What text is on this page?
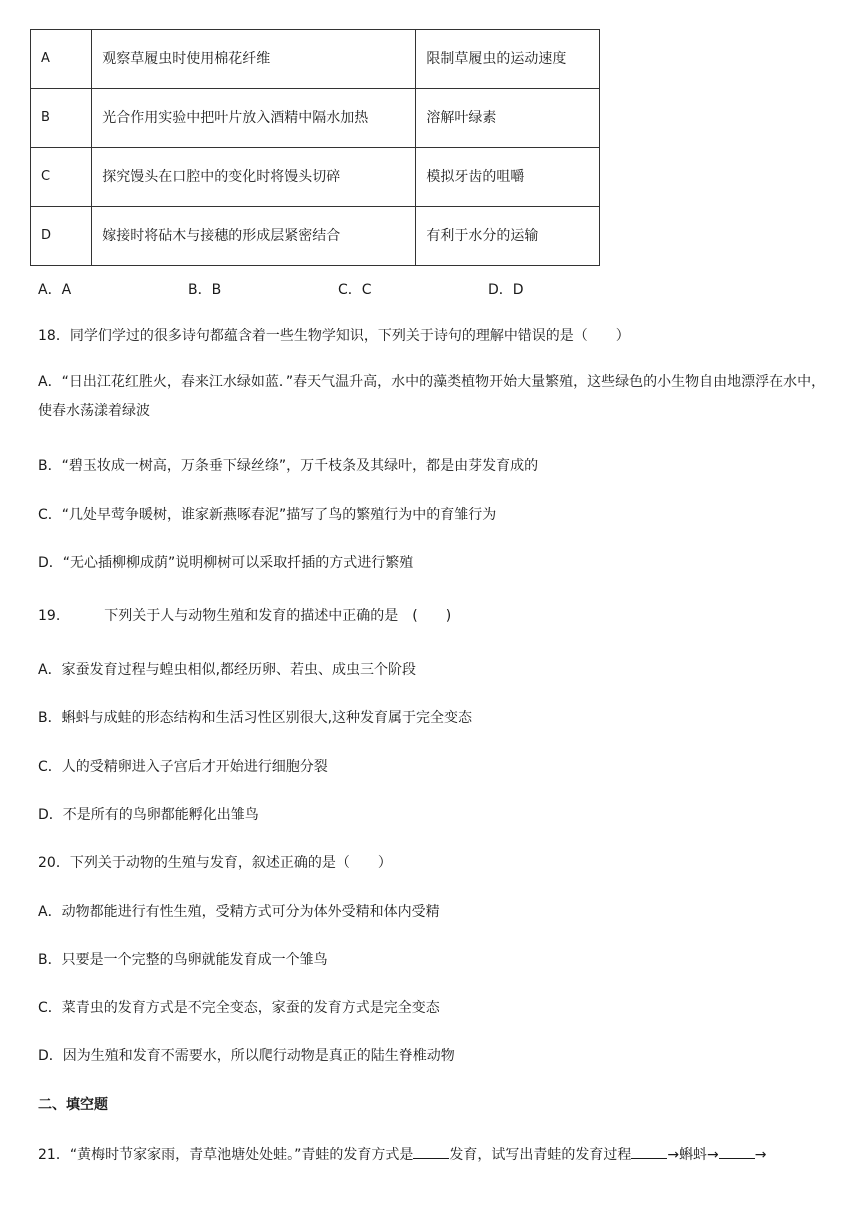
A	观察草履虫时使用棉花纤维	限制草履虫的运动速度
B	光合作用实验中把叶片放入酒精中隔水加热	溶解叶绿素
C	探究馒头在口腔中的变化时将馒头切碎	模拟牙齿的咀嚼
D	嫁接时将砧木与接穗的形成层紧密结合	有利于水分的运输
A．A	B．B	C．C	D．D
18．同学们学过的很多诗句都蕴含着一些生物学知识，下列关于诗句的理解中错误的是（　　）
A．“日出江花红胜火，春来江水绿如蓝．”春天气温升高，水中的藻类植物开始大量繁殖，这些绿色的小生物自由地漂浮在水中，使春水荡漾着绿波
B．“碧玉妆成一树高，万条垂下绿丝绦”，万千枝条及其绿叶，都是由芽发育成的
C．“几处早莺争暖树，谁家新燕啄春泥”描写了鸟的繁殖行为中的育雏行为
D．“无心插柳柳成荫”说明柳树可以采取扦插的方式进行繁殖
19.	下列关于人与动物生殖和发育的描述中正确的是　(　　)
A．家蚕发育过程与蝗虫相似,都经历卵、若虫、成虫三个阶段
B．蝌蚪与成蛙的形态结构和生活习性区别很大,这种发育属于完全变态
C．人的受精卵进入子宫后才开始进行细胞分裂
D．不是所有的鸟卵都能孵化出雏鸟
20．下列关于动物的生殖与发育，叙述正确的是（　　）
A．动物都能进行有性生殖，受精方式可分为体外受精和体内受精
B．只要是一个完整的鸟卵就能发育成一个雏鸟
C．菜青虫的发育方式是不完全变态，家蚕的发育方式是完全变态
D．因为生殖和发育不需要水，所以爬行动物是真正的陆生脊椎动物
二、填空题
21．“黄梅时节家家雨，青草池塘处处蛙。”青蛙的发育方式是	发育，试写出青蛙的发育过程	→蝌蚪→	→
